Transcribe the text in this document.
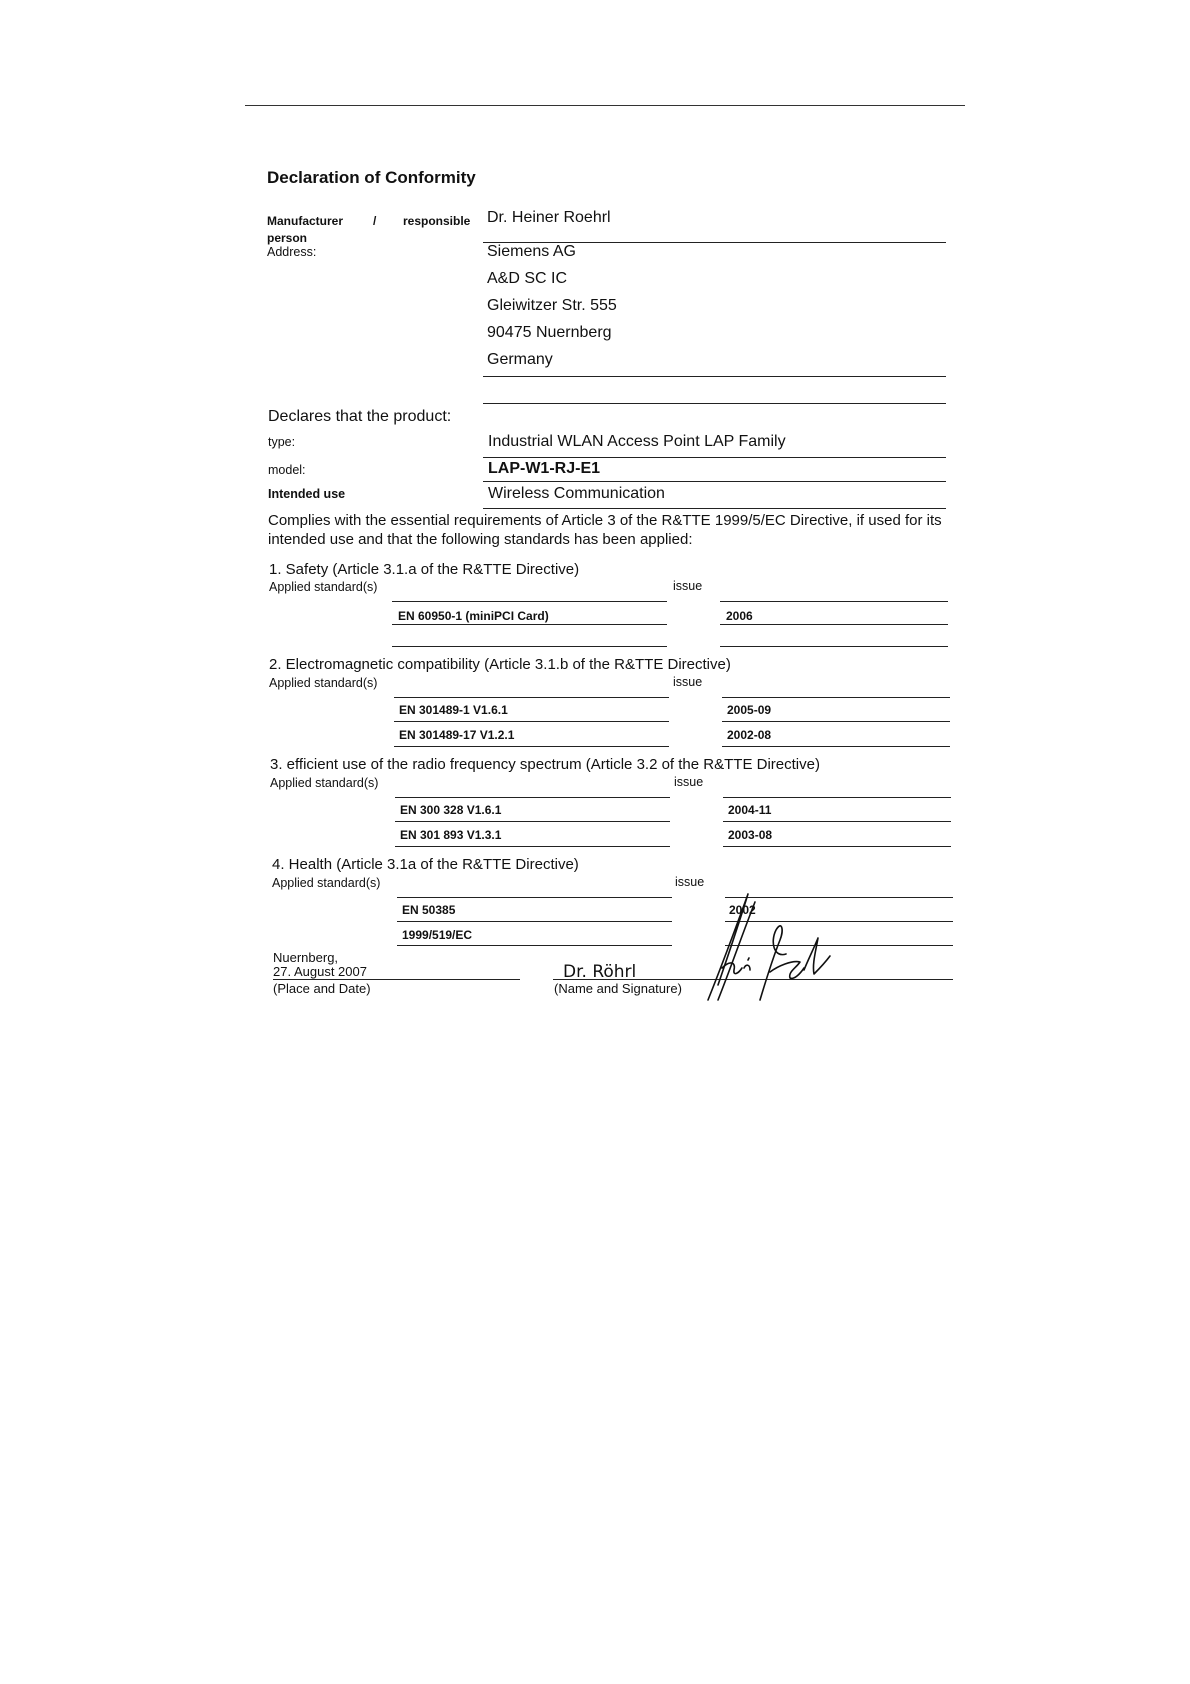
Declaration of Conformity
Manufacturer / responsible
person
Dr. Heiner Roehrl
Address:	Siemens AG
A&D SC IC
Gleiwitzer Str. 555
90475 Nuernberg
Germany
Declares that the product:
type:	Industrial WLAN Access Point LAP Family
model:	LAP-W1-RJ-E1
Intended use	Wireless Communication
Complies with the essential requirements of Article 3 of the R&TTE 1999/5/EC Directive, if used for its intended use and that the following standards has been applied:
1. Safety (Article 3.1.a of the R&TTE Directive)
Applied standard(s)	issue
EN 60950-1 (miniPCI Card)	2006
2. Electromagnetic compatibility (Article 3.1.b of the R&TTE Directive)
Applied standard(s)	issue
EN 301489-1 V1.6.1	2005-09
EN 301489-17 V1.2.1	2002-08
3. efficient use of the radio frequency spectrum (Article 3.2 of the R&TTE Directive)
Applied standard(s)	issue
EN 300 328 V1.6.1	2004-11
EN 301 893 V1.3.1	2003-08
4. Health (Article 3.1a of the R&TTE Directive)
Applied standard(s)	issue
EN 50385	2002
1999/519/EC
Nuernberg,
27. August 2007
(Place and Date)
Dr. Röhrl
(Name and Signature)
